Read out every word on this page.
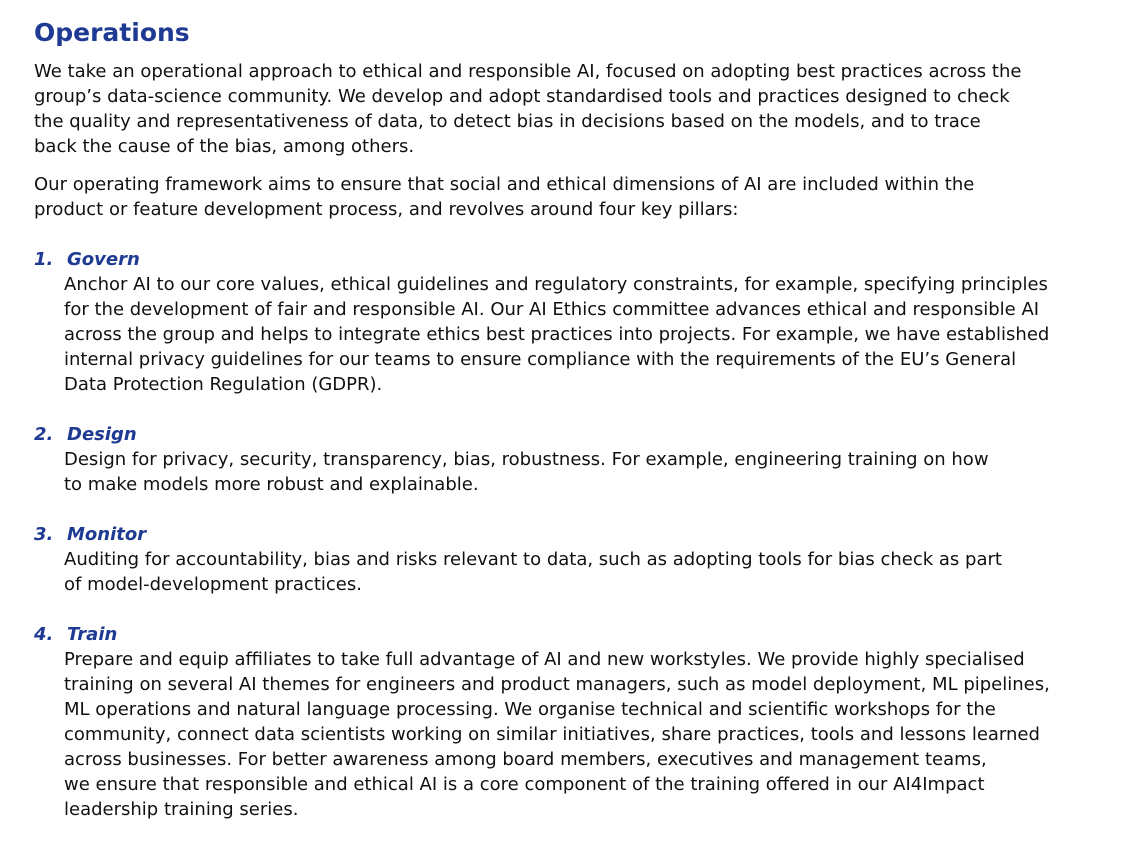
Operations

We take an operational approach to ethical and responsible AI, focused on adopting best practices across the
group’s data-science community. We develop and adopt standardised tools and practices designed to check
the quality and representativeness of data, to detect bias in decisions based on the models, and to trace
back the cause of the bias, among others.

Our operating framework aims to ensure that social and ethical dimensions of AI are included within the
product or feature development process, and revolves around four key pillars:

1. Govern

Anchor AI to our core values, ethical guidelines and regulatory constraints, for example, specifying principles
for the development of fair and responsible AI. Our AI Ethics committee advances ethical and responsible AI
across the group and helps to integrate ethics best practices into projects. For example, we have established
internal privacy guidelines for our teams to ensure compliance with the requirements of the EU’s General
Data Protection Regulation (GDPR).

2. Design

Design for privacy, security, transparency, bias, robustness. For example, engineering training on how
to make models more robust and explainable.

3. Monitor

Auditing for accountability, bias and risks relevant to data, such as adopting tools for bias check as part
of model-development practices.

4. Train

Prepare and equip affiliates to take full advantage of AI and new workstyles. We provide highly specialised
training on several AI themes for engineers and product managers, such as model deployment, ML pipelines,
ML operations and natural language processing. We organise technical and scientific workshops for the
community, connect data scientists working on similar initiatives, share practices, tools and lessons learned
across businesses. For better awareness among board members, executives and management teams,
we ensure that responsible and ethical AI is a core component of the training offered in our AI4Impact
leadership training series.
